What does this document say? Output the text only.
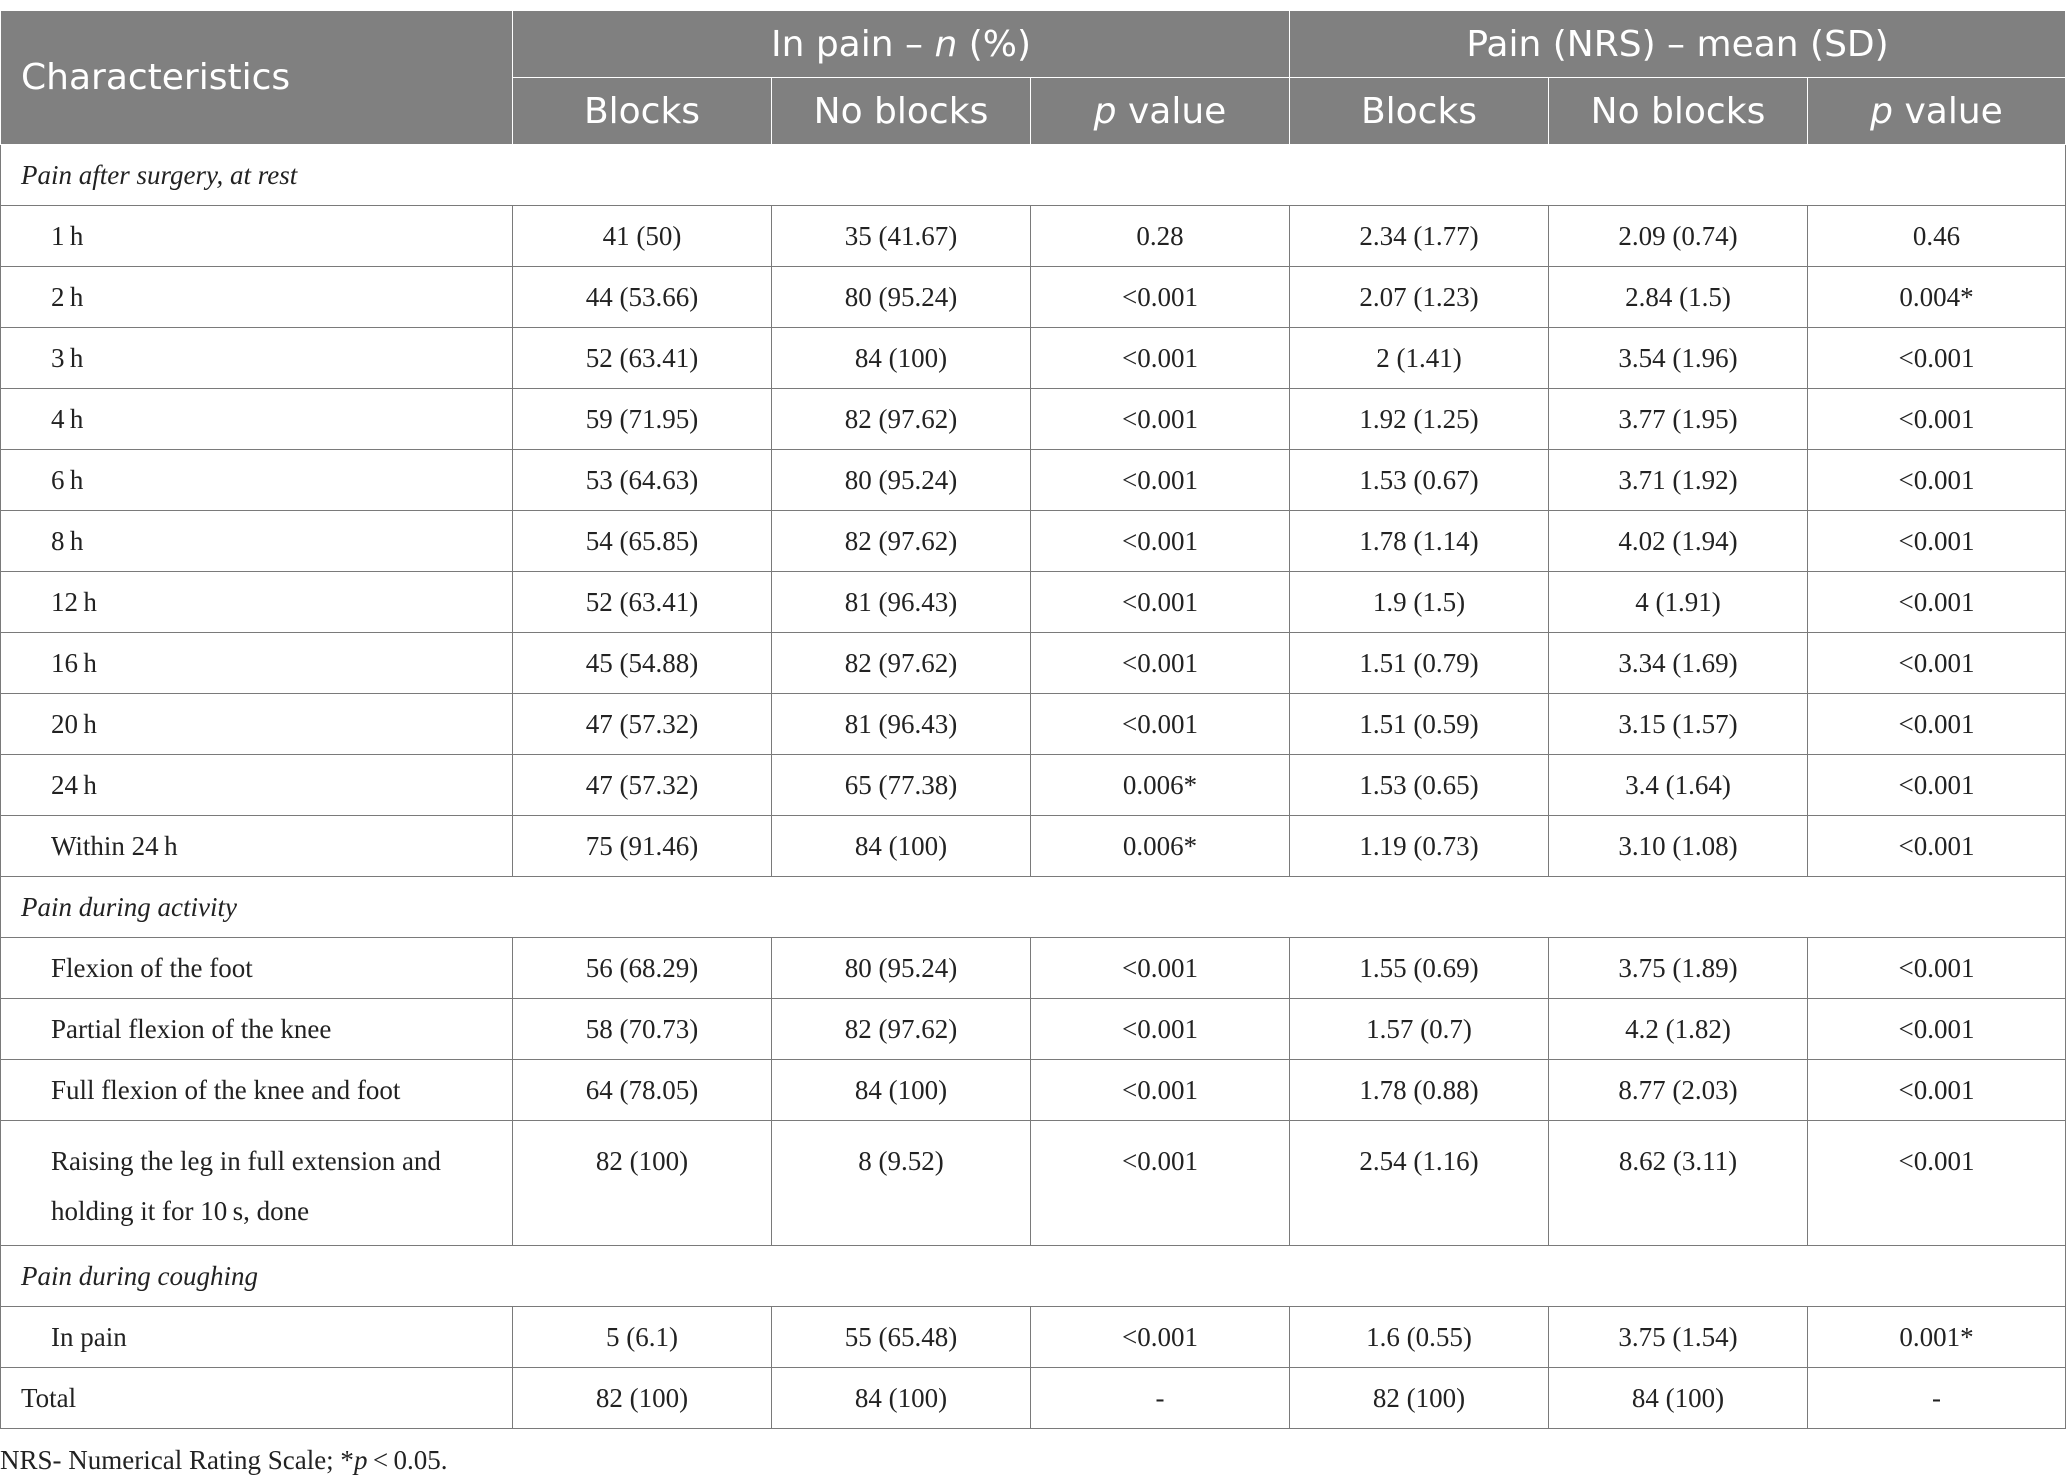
Characteristics	In pain – n (%)			Pain (NRS) – mean (SD)		
	Blocks	No blocks	p value	Blocks	No blocks	p value
Pain after surgery, at rest						
1 h	41 (50)	35 (41.67)	0.28	2.34 (1.77)	2.09 (0.74)	0.46
2 h	44 (53.66)	80 (95.24)	<0.001	2.07 (1.23)	2.84 (1.5)	0.004*
3 h	52 (63.41)	84 (100)	<0.001	2 (1.41)	3.54 (1.96)	<0.001
4 h	59 (71.95)	82 (97.62)	<0.001	1.92 (1.25)	3.77 (1.95)	<0.001
6 h	53 (64.63)	80 (95.24)	<0.001	1.53 (0.67)	3.71 (1.92)	<0.001
8 h	54 (65.85)	82 (97.62)	<0.001	1.78 (1.14)	4.02 (1.94)	<0.001
12 h	52 (63.41)	81 (96.43)	<0.001	1.9 (1.5)	4 (1.91)	<0.001
16 h	45 (54.88)	82 (97.62)	<0.001	1.51 (0.79)	3.34 (1.69)	<0.001
20 h	47 (57.32)	81 (96.43)	<0.001	1.51 (0.59)	3.15 (1.57)	<0.001
24 h	47 (57.32)	65 (77.38)	0.006*	1.53 (0.65)	3.4 (1.64)	<0.001
Within 24 h	75 (91.46)	84 (100)	0.006*	1.19 (0.73)	3.10 (1.08)	<0.001
Pain during activity						
Flexion of the foot	56 (68.29)	80 (95.24)	<0.001	1.55 (0.69)	3.75 (1.89)	<0.001
Partial flexion of the knee	58 (70.73)	82 (97.62)	<0.001	1.57 (0.7)	4.2 (1.82)	<0.001
Full flexion of the knee and foot	64 (78.05)	84 (100)	<0.001	1.78 (0.88)	8.77 (2.03)	<0.001
Raising the leg in full extension and
holding it for 10 s, done	82 (100)	8 (9.52)	<0.001	2.54 (1.16)	8.62 (3.11)	<0.001
Pain during coughing						
In pain	5 (6.1)	55 (65.48)	<0.001	1.6 (0.55)	3.75 (1.54)	0.001*
Total	82 (100)	84 (100)	-	82 (100)	84 (100)	-
NRS- Numerical Rating Scale; *p < 0.05.
